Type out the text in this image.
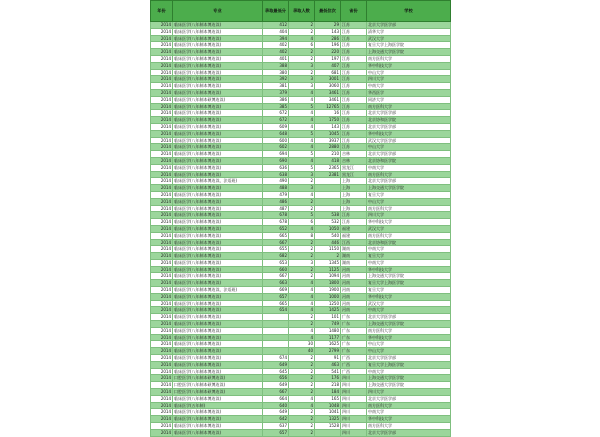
年份	专业	录取最低分	录取人数	最低位次	省份	学校
2014	临床医学(八年制本博连读)	412	2	29	江苏	北京大学医学部
2014	临床医学(八年制本博连读)	404	2	143	江苏	清华大学
2014	临床医学(八年制本博连读)	394	4	286	江苏	武汉大学
2014	临床医学(八年制本博连读)	402	6	196	江苏	复旦大学上海医学院
2014	临床医学(八年制本博连读)	402	2	220	江苏	上海交通大学医学院
2014	临床医学(八年制本博连读)	401	2	197	江苏	南方医科大学
2014	临床医学(八年制本博连读)	388	3	407	江苏	华中科技大学
2014	临床医学(八年制本博连读)	380	2	681	江苏	中山大学
2014	临床医学(八年制本博连读)	392	3	3001	江苏	四川大学
2014	临床医学(八年制本博连读)	381	3	3060	江苏	中南大学
2014	临床医学(八年制本博连读)	379	4	3461	江苏	华西医学
2014	临床医学(八年制本硕博连读)	386	4	3461	江苏	同济大学
2014	临床医学(八年制本博连读)	385	5	12765	江苏	南方医科大学
2014	临床医学(八年制本博连读)	672	4	16	江苏	北京大学医学部
2014	临床医学(八年制本博连读)	672	4	1750	江苏	北京协和医学院
2014	临床医学(八年制本博连读)	609	4	143	江苏	北京大学医学部
2014	临床医学(八年制本博连读)	648	5	1045	江苏	华中科技大学
2014	临床医学(八年制本博连读)	600	4	3937	江苏	武汉大学医学部
2014	临床医学(八年制本博连读)	602	4	2880	江苏	中山大学
2014	临床医学(八年制本博连读)	694	5	210	吉林	北京大学医学部
2014	临床医学(八年制本博连读)	690	4	418	吉林	北京协和医学院
2014	临床医学(八年制本博连读)	636	5	2365	黑龙江	中南大学
2014	临床医学(八年制本博连读)	638	3	2381	黑龙江	南方医科大学
2014	临床医学(八年制本博连读，法语班)	490	2		上海	北京大学医学部
2014	临床医学(八年制本博连读)	488	3		上海	上海交通大学医学院
2014	临床医学(八年制本博连读)	479	4		上海	复旦大学
2014	临床医学(八年制本博连读)	486	2		上海	中山大学
2014	临床医学(八年制本博连读)	487	2		上海	南方医科大学
2014	临床医学(八年制本博连读)	678	5	538	江苏	四川大学
2014	临床医学(八年制本博连读)	678	6	532	江苏	华中科技大学
2014	临床医学(八年制本博连读)	652	4	1050	福建	武汉大学
2014	临床医学(八年制本博连读)	665	8	540	福建	南方医科大学
2014	临床医学(八年制本博连读)	667	2	446	江西	北京协和医学院
2014	临床医学(八年制本博连读)	655	2	1150	湖南	中南大学
2014	临床医学(八年制本博连读)	682	2	2	湖南	复旦大学
2014	临床医学(八年制本博连读)	653	3	1345	湖南	中南大学
2014	临床医学(八年制本博连读)	660	2	1125	河南	华中科技大学
2014	临床医学(八年制本博连读)	667	2	1094	河南	上海交通大学医学院
2014	临床医学(八年制本博连读)	663	4	1800	河南	复旦大学上海医学院
2014	临床医学(八年制本博连读，法语班)	669	4	1900	河南	复旦大学
2014	临床医学(八年制本博连读)	657	4	1000	河南	华中科技大学
2014	临床医学(八年制本博连读)	665	4	1250	河南	武汉大学
2014	临床医学(八年制本博连读)	654	4	1425	河南	中南大学
2014	临床医学(八年制本博连读)		2	101	广东	北京大学医学部
2014	临床医学(八年制本博连读)		2	749	广东	上海交通大学医学院
2014	临床医学(八年制本博连读)		4	1480	广东	南方医科大学
2014	临床医学(八年制本博连读)		4	1177	广东	华中科技大学
2014	临床医学(八年制本博连读)		30	1625	广东	中山大学
2014	临床医学(八年制本博连读)		40	2799	广东	中山大学
2014	临床医学(八年制本博连读)	674	2	91	广西	北京大学医学部
2014	临床医学(八年制本博连读)	649	2	463	广西	复旦大学上海医学院
2014	临床医学(八年制本博连读)	645	2	541	广西	中南大学
2014	口腔医学(八年制本硕博连读)	656	2	176	四川	上海交通大学医学院
2014	口腔医学(八年制本硕博连读)	649	2	218	四川	上海交通大学医学院
2014	口腔医学(八年制本硕博连读)	667	2	184	四川	四川大学
2014	临床医学(八年制本博连读)	664	4	165	四川	北京大学医学部
2014	临床医学(五年制)	640	4	1048	四川	南方医科大学
2014	临床医学(八年制本博连读)	649	2	1041	四川	中南大学
2014	临床医学(八年制本博连读)	642	2	1325	四川	华中科技大学
2014	临床医学(八年制本博连读)	637	2	1528	四川	南方医科大学
2014	临床医学(八年制本博连读)	657	2		四川	北京大学医学部
